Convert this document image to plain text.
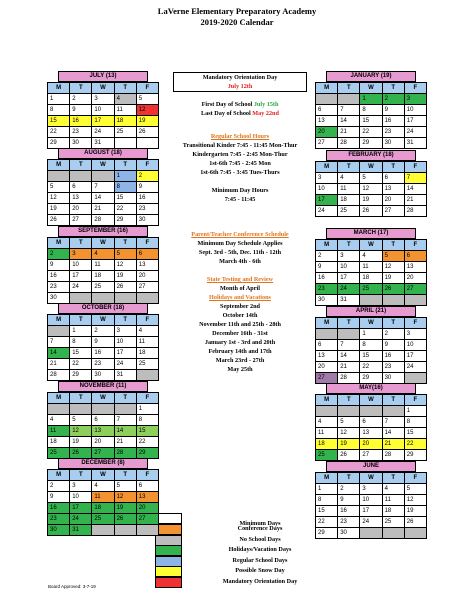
LaVerne Elementary Preparatory Academy
2019-2020 Calendar
Mandatory Orientation Day
July 12th
First Day of School July 15th
Last Day of School May 22nd
Regular School Hours
Transitional Kinder 7:45 - 11:45 Mon-Thur
Kindergarten 7:45 - 2:45 Mon-Thur
1st-6th 7:45 - 2:45 Mon
1st-6th 7:45 - 3:45 Tues-Thurs
Minimum Day Hours
7:45 - 11:45
Parent/Teacher Conference Schedule
Minimum Day Schedule Applies
Sept. 3rd - 5th, Dec. 11th - 12th
March 4th - 6th
State Testing and Review
Month of April
Holidays and Vacations
September 2nd
October 14th
November 11th and 25th - 28th
December 16th - 31st
January 1st - 3rd and 20th
February 14th and 17th
March 23rd - 27th
May 25th
Minimum Days
Conference Days
No School Days
Holidays/Vacation Days
Regular School Days
Possible Snow Day
Mandatory Orientation Day
Board Approved: 3-7-19
JULY (13)
M	T	W	T	F
1	2	3	4	5
8	9	10	11	12
15	16	17	18	19
22	23	24	25	26
29	30	31		
AUGUST (18)
M	T	W	T	F
			1	2
5	6	7	8	9
12	13	14	15	16
19	20	21	22	23
26	27	28	29	30
SEPTEMBER (16)
M	T	W	T	F
2	3	4	5	6
9	10	11	12	13
16	17	18	19	20
23	24	25	26	27
30				
OCTOBER (18)
M	T	W	T	F
	1	2	3	4
7	8	9	10	11
14	15	16	17	18
21	22	23	24	25
28	29	30	31	
NOVEMBER (11)
M	T	W	T	F
				1
4	5	6	7	8
11	12	13	14	15
18	19	20	21	22
25	26	27	28	29
DECEMBER (8)
M	T	W	T	F
2	3	4	5	6
9	10	11	12	13
16	17	18	19	20
23	24	25	26	27
30	31			
JANUARY (19)
M	T	W	T	F
		1	2	3
6	7	8	9	10
13	14	15	16	17
20	21	22	23	24
27	28	29	30	31
FEBRUARY (18)
M	T	W	T	F
3	4	5	6	7
10	11	12	13	14
17	18	19	20	21
24	25	26	27	28
MARCH (17)
M	T	W	T	F
2	3	4	5	6
9	10	11	12	13
16	17	18	19	20
23	24	25	26	27
30	31			
APRIL (21)
M	T	W	T	F
		1	2	3
6	7	8	9	10
13	14	15	16	17
20	21	22	23	24
27	28	29	30	
MAY(16)
M	T	W	T	F
				1
4	5	6	7	8
11	12	13	14	15
18	19	20	21	22
25	26	27	28	29
JUNE
M	T	W	T	F
1	2	3	4	5
8	9	10	11	12
15	16	17	18	19
22	23	24	25	26
29	30			
